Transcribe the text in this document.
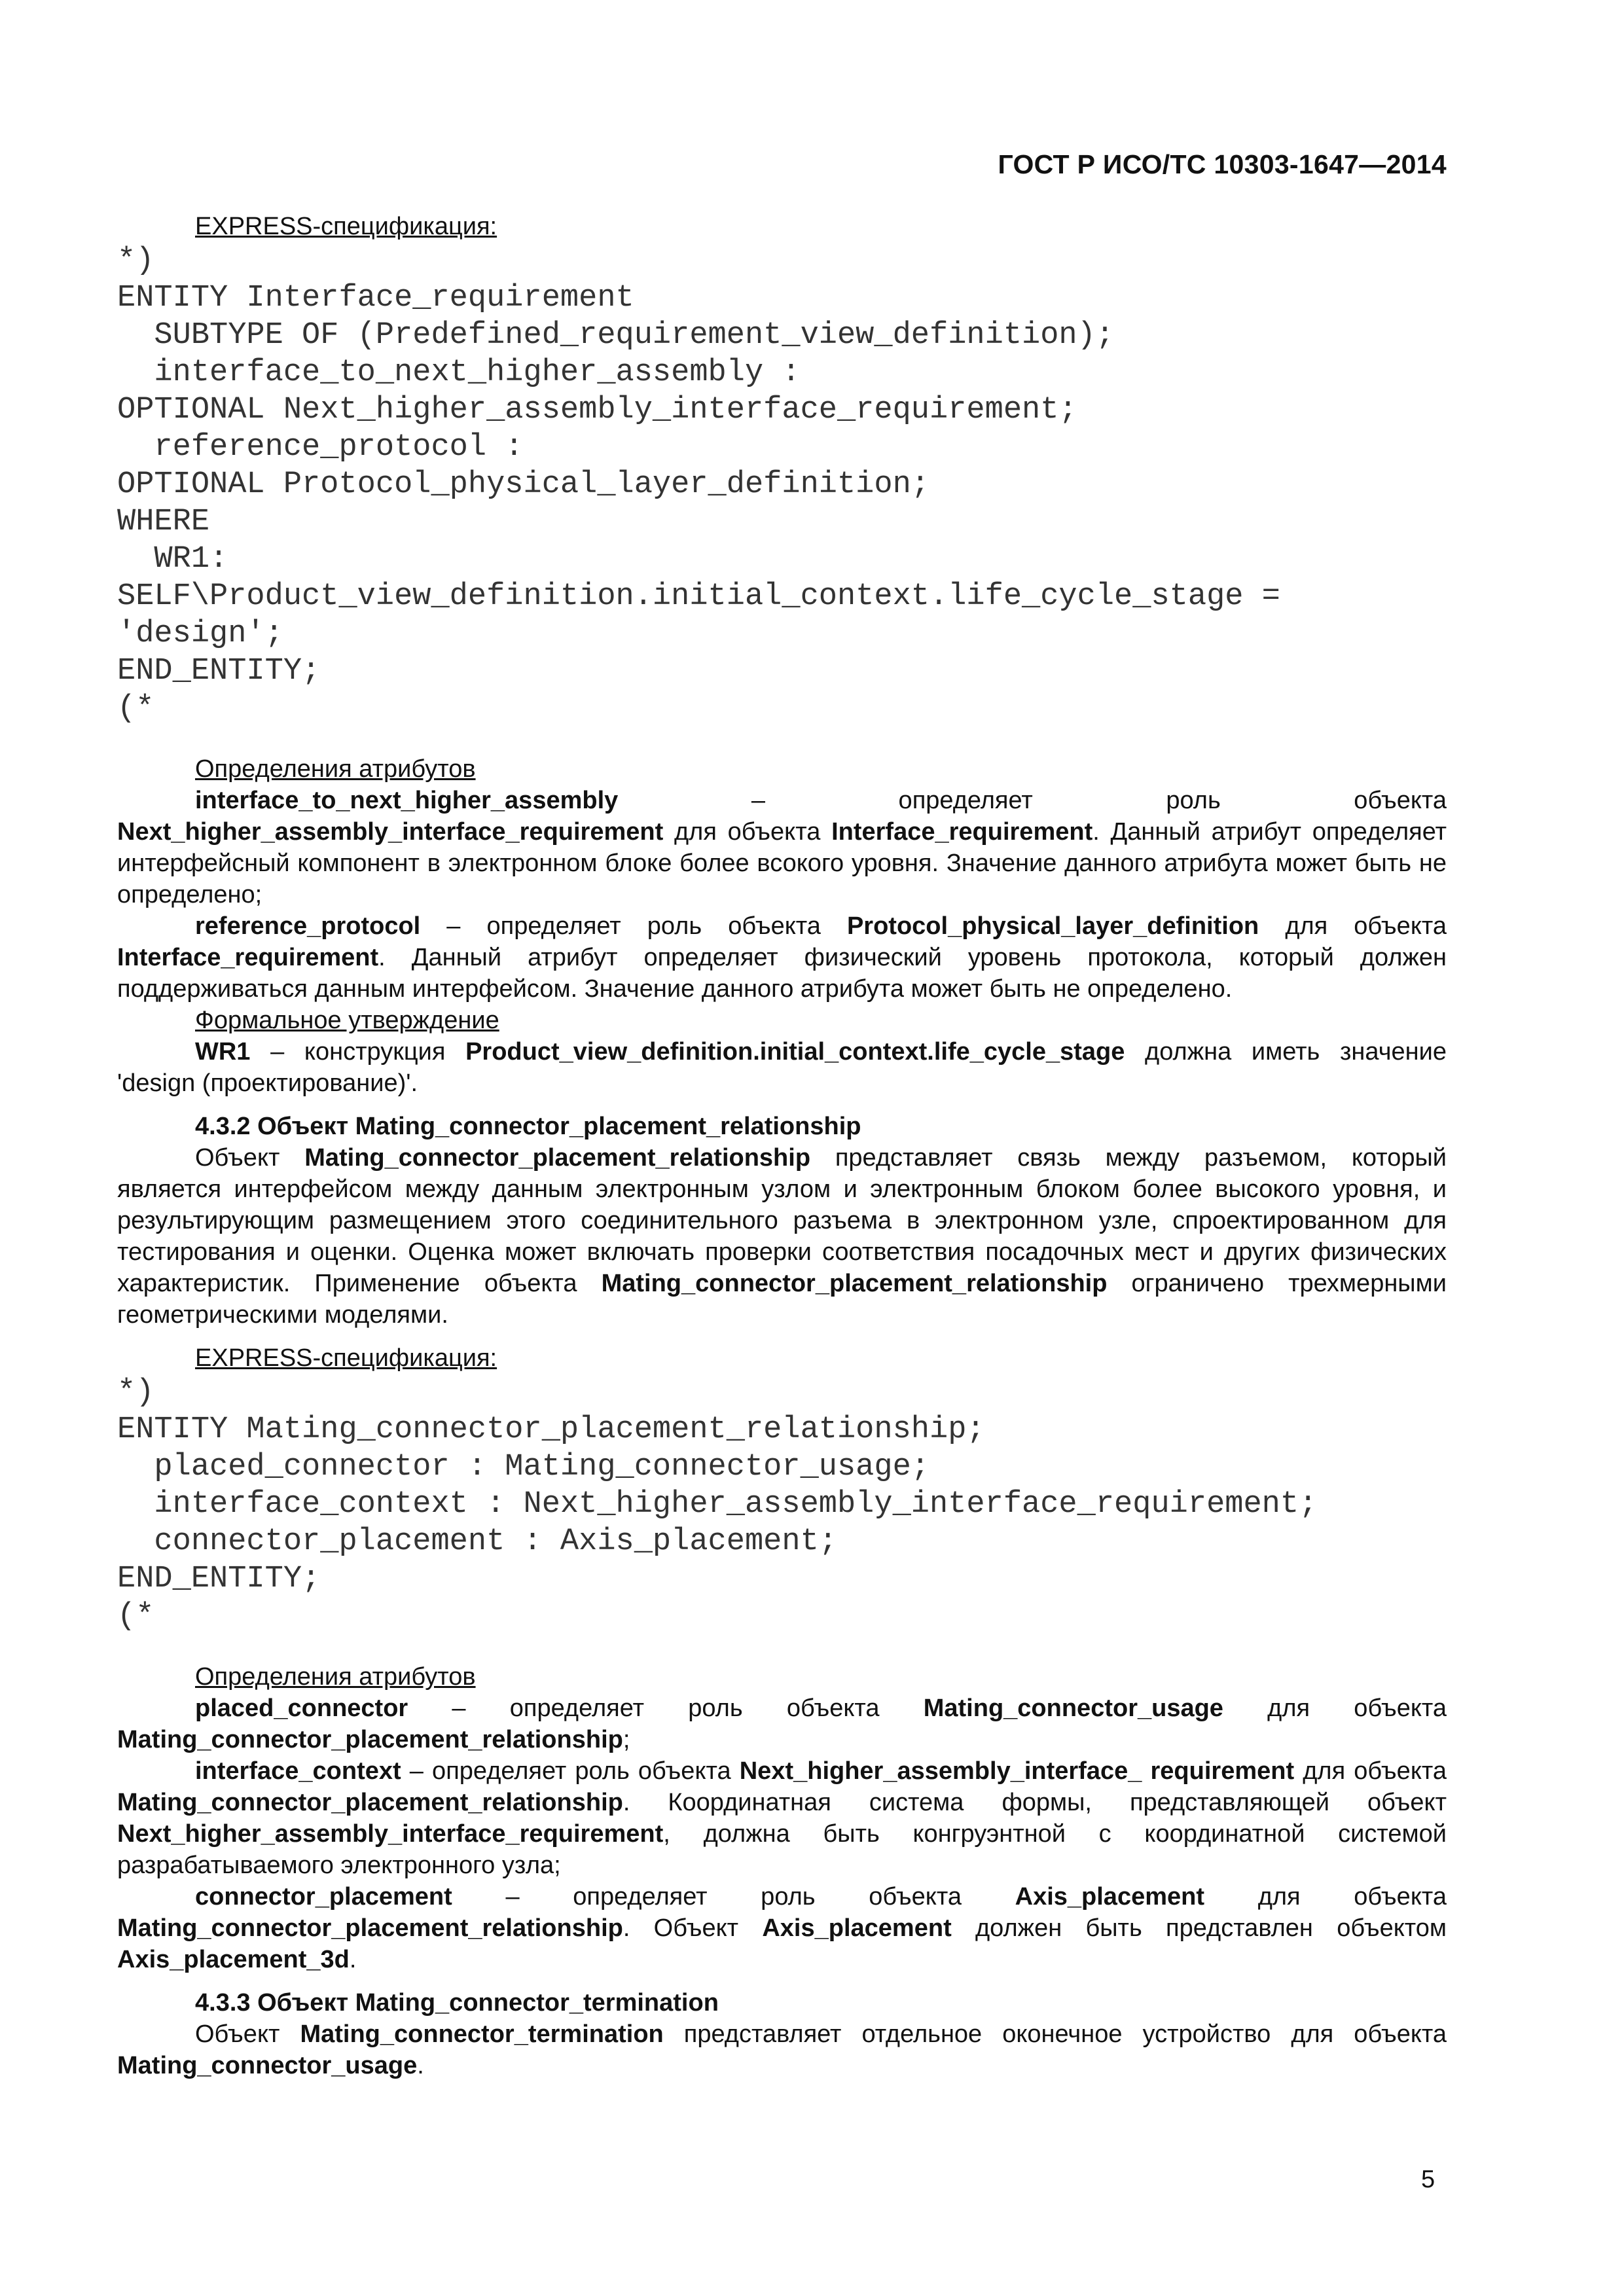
ГОСТ Р ИСО/ТС 10303-1647—2014
EXPRESS-спецификация:
*)
ENTITY Interface_requirement
SUBTYPE OF (Predefined_requirement_view_definition);
interface_to_next_higher_assembly :
OPTIONAL Next_higher_assembly_interface_requirement;
reference_protocol :
OPTIONAL Protocol_physical_layer_definition;
WHERE
WR1:
SELF\Product_view_definition.initial_context.life_cycle_stage =
'design';
END_ENTITY;
(*
Определения атрибутов

interface_to_next_higher_assembly – определяет роль объекта Next_higher_assembly_interface_requirement для объекта Interface_requirement. Данный атрибут определяет интерфейсный компонент в электронном блоке более всокого уровня. Значение данного атрибута может быть не определено;

reference_protocol – определяет роль объекта Protocol_physical_layer_definition для объекта Interface_requirement. Данный атрибут определяет физический уровень протокола, который должен поддерживаться данным интерфейсом. Значение данного атрибута может быть не определено.

Формальное утверждение

WR1 – конструкция Product_view_definition.initial_context.life_cycle_stage должна иметь значение 'design (проектирование)'.

4.3.2 Объект Mating_connector_placement_relationship

Объект Mating_connector_placement_relationship представляет связь между разъемом, который является интерфейсом между данным электронным узлом и электронным блоком более высокого уровня, и результирующим размещением этого соединительного разъема в электронном узле, спроектированном для тестирования и оценки. Оценка может включать проверки соответствия посадочных мест и других физических характеристик. Применение объекта Mating_connector_placement_relationship ограничено трехмерными геометрическими моделями.

EXPRESS-спецификация:
*)
ENTITY Mating_connector_placement_relationship;
placed_connector : Mating_connector_usage;
interface_context : Next_higher_assembly_interface_requirement;
connector_placement : Axis_placement;
END_ENTITY;
(*
Определения атрибутов

placed_connector – определяет роль объекта Mating_connector_usage для объекта Mating_connector_placement_relationship;

interface_context – определяет роль объекта Next_higher_assembly_interface_ requirement для объекта Mating_connector_placement_relationship. Координатная система формы, представляющей объект Next_higher_assembly_interface_requirement, должна быть конгруэнтной с координатной системой разрабатываемого электронного узла;

connector_placement – определяет роль объекта Axis_placement для объекта Mating_connector_placement_relationship. Объект Axis_placement должен быть представлен объектом Axis_placement_3d.

4.3.3 Объект Mating_connector_termination

Объект Mating_connector_termination представляет отдельное оконечное устройство для объекта Mating_connector_usage.

5
